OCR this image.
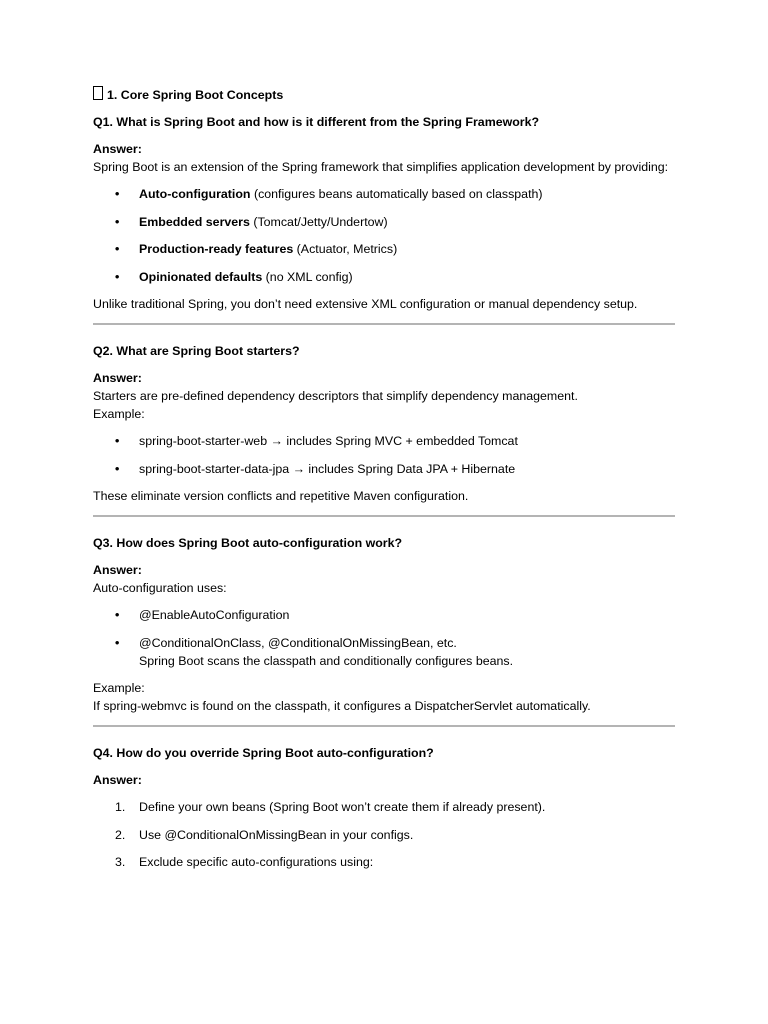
1. Core Spring Boot Concepts
Q1. What is Spring Boot and how is it different from the Spring Framework?
Answer:

Spring Boot is an extension of the Spring framework that simplifies application development by providing:

• Auto-configuration (configures beans automatically based on classpath)
• Embedded servers (Tomcat/Jetty/Undertow)
• Production-ready features (Actuator, Metrics)
• Opinionated defaults (no XML config)

Unlike traditional Spring, you don’t need extensive XML configuration or manual dependency setup.

Q2. What are Spring Boot starters?
Answer:

Starters are pre-defined dependency descriptors that simplify dependency management.

Example:

• spring-boot-starter-web → includes Spring MVC + embedded Tomcat
• spring-boot-starter-data-jpa → includes Spring Data JPA + Hibernate

These eliminate version conflicts and repetitive Maven configuration.

Q3. How does Spring Boot auto-configuration work?
Answer:

Auto-configuration uses:

• @EnableAutoConfiguration
• @ConditionalOnClass, @ConditionalOnMissingBean, etc.
Spring Boot scans the classpath and conditionally configures beans.

Example:

If spring-webmvc is found on the classpath, it configures a DispatcherServlet automatically.

Q4. How do you override Spring Boot auto-configuration?
Answer:
1. Define your own beans (Spring Boot won’t create them if already present).
2. Use @ConditionalOnMissingBean in your configs.
3. Exclude specific auto-configurations using:
